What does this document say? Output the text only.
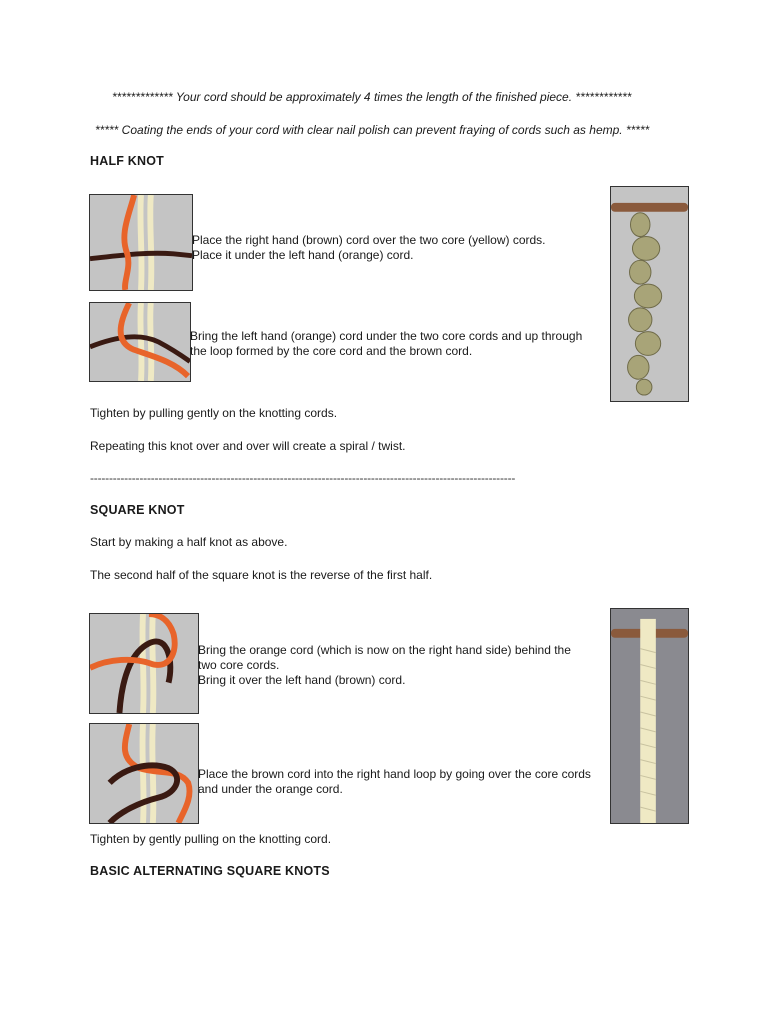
************* Your cord should be approximately 4 times the length of the finished piece. ************
***** Coating the ends of your cord with clear nail polish can prevent fraying of cords such as hemp. *****
HALF KNOT
Place the right hand (brown) cord over the two core (yellow) cords.
Place it under the left hand (orange) cord.
Bring the left hand (orange) cord under the two core cords and up through
the loop formed by the core cord and the brown cord.
Tighten by pulling gently on the knotting cords.
Repeating this knot over and over will create a spiral / twist.
----------------------------------------------------------------------------------------------------------------
SQUARE KNOT
Start by making a half knot as above.
The second half of the square knot is the reverse of the first half.
Bring the orange cord (which is now on the right hand side) behind the
two core cords.
Bring it over the left hand (brown) cord.
Place the brown cord into the right hand loop by going over the core cords
and under the orange cord.
Tighten by gently pulling on the knotting cord.
BASIC ALTERNATING SQUARE KNOTS
